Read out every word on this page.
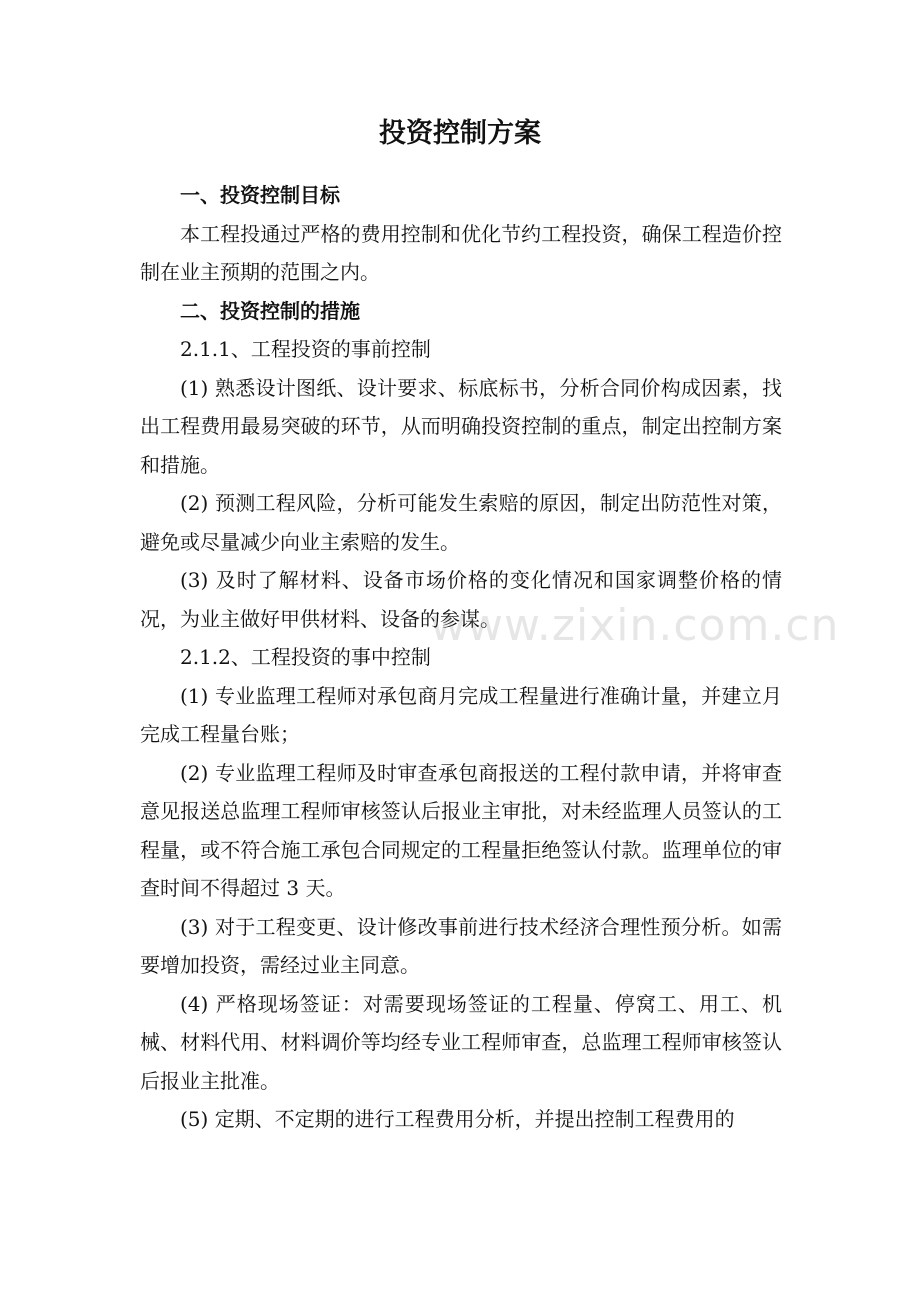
投资控制方案

一、投资控制目标

本工程投通过严格的费用控制和优化节约工程投资，确保工程造价控制在业主预期的范围之内。

二、投资控制的措施

2.1.1、工程投资的事前控制

(1) 熟悉设计图纸、设计要求、标底标书，分析合同价构成因素，找出工程费用最易突破的环节，从而明确投资控制的重点，制定出控制方案和措施。

(2) 预测工程风险，分析可能发生索赔的原因，制定出防范性对策，避免或尽量减少向业主索赔的发生。

(3) 及时了解材料、设备市场价格的变化情况和国家调整价格的情况，为业主做好甲供材料、设备的参谋。

2.1.2、工程投资的事中控制

(1) 专业监理工程师对承包商月完成工程量进行准确计量，并建立月完成工程量台账；

(2) 专业监理工程师及时审查承包商报送的工程付款申请，并将审查意见报送总监理工程师审核签认后报业主审批，对未经监理人员签认的工程量，或不符合施工承包合同规定的工程量拒绝签认付款。监理单位的审查时间不得超过 3 天。

(3) 对于工程变更、设计修改事前进行技术经济合理性预分析。如需要增加投资，需经过业主同意。

(4) 严格现场签证：对需要现场签证的工程量、停窝工、用工、机械、材料代用、材料调价等均经专业工程师审查，总监理工程师审核签认后报业主批准。

(5) 定期、不定期的进行工程费用分析，并提出控制工程费用的

www.zixin.com.cn
